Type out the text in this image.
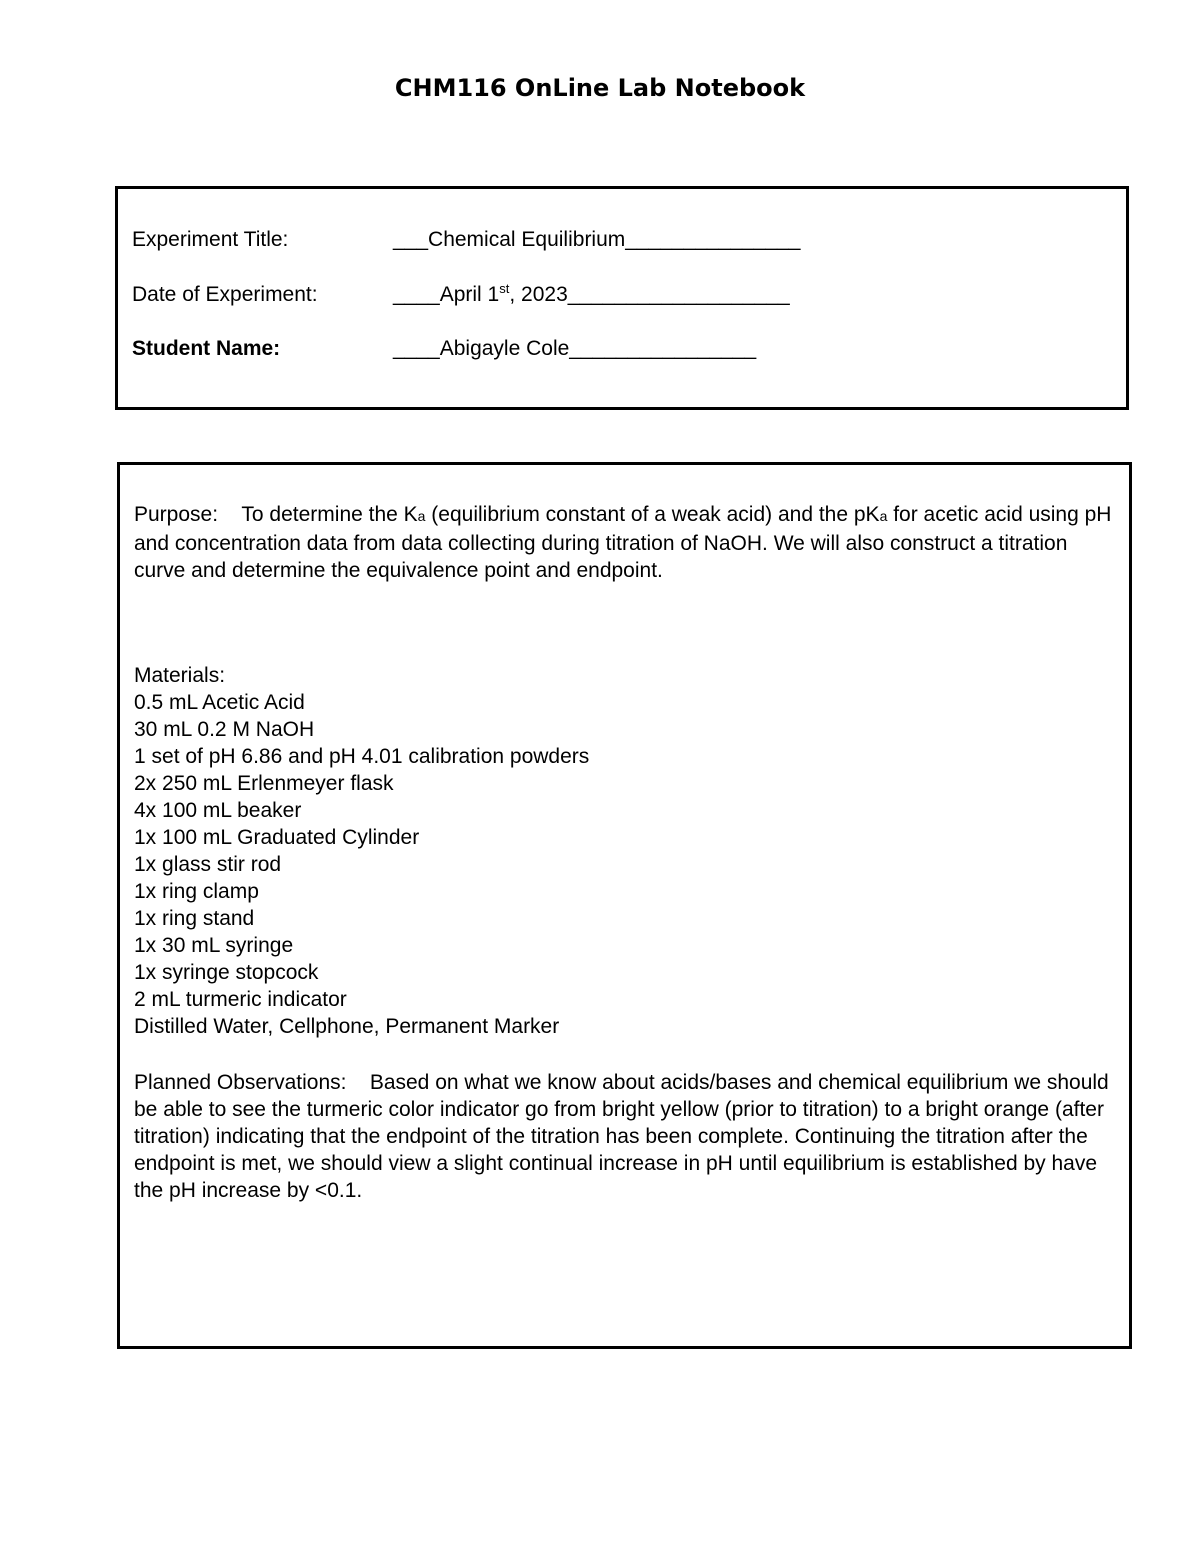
CHM116 OnLine Lab Notebook
Experiment Title:	___Chemical Equilibrium_______________
Date of Experiment:	____April 1st, 2023___________________
Student Name:	____Abigayle Cole________________
Purpose: To determine the Ka (equilibrium constant of a weak acid) and the pKa for acetic acid using pH and concentration data from data collecting during titration of NaOH. We will also construct a titration curve and determine the equivalence point and endpoint.
Materials:
0.5 mL Acetic Acid
30 mL 0.2 M NaOH
1 set of pH 6.86 and pH 4.01 calibration powders
2x 250 mL Erlenmeyer flask
4x 100 mL beaker
1x 100 mL Graduated Cylinder
1x glass stir rod
1x ring clamp
1x ring stand
1x 30 mL syringe
1x syringe stopcock
2 mL turmeric indicator
Distilled Water, Cellphone, Permanent Marker
Planned Observations: Based on what we know about acids/bases and chemical equilibrium we should be able to see the turmeric color indicator go from bright yellow (prior to titration) to a bright orange (after titration) indicating that the endpoint of the titration has been complete. Continuing the titration after the endpoint is met, we should view a slight continual increase in pH until equilibrium is established by have the pH increase by <0.1.
